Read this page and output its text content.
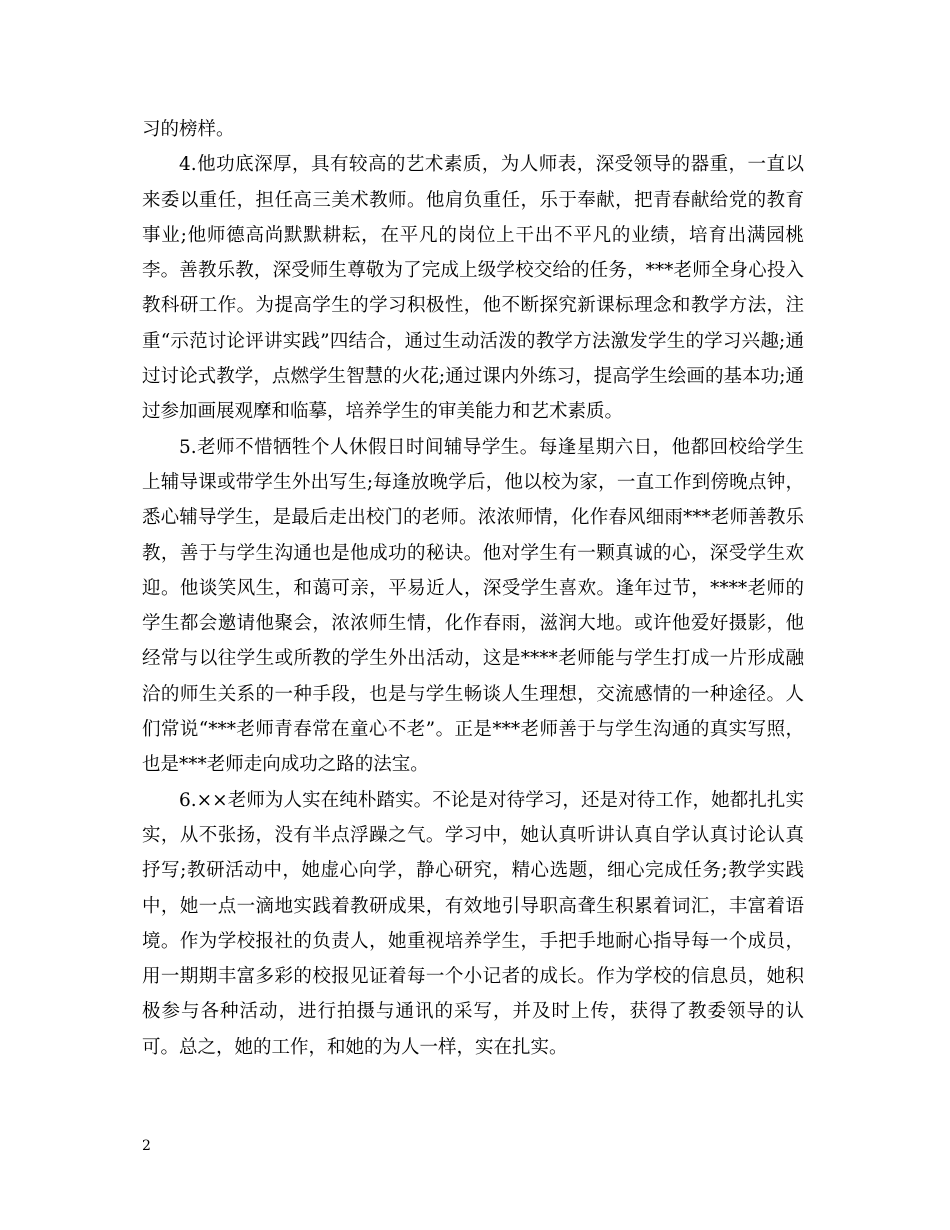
习的榜样。

4.他功底深厚，具有较高的艺术素质，为人师表，深受领导的器重，一直以来委以重任，担任高三美术教师。他肩负重任，乐于奉献，把青春献给党的教育事业;他师德高尚默默耕耘，在平凡的岗位上干出不平凡的业绩，培育出满园桃李。善教乐教，深受师生尊敬为了完成上级学校交给的任务，***老师全身心投入教科研工作。为提高学生的学习积极性，他不断探究新课标理念和教学方法，注重“示范讨论评讲实践”四结合，通过生动活泼的教学方法激发学生的学习兴趣;通过讨论式教学，点燃学生智慧的火花;通过课内外练习，提高学生绘画的基本功;通过参加画展观摩和临摹，培养学生的审美能力和艺术素质。

5.老师不惜牺牲个人休假日时间辅导学生。每逢星期六日，他都回校给学生上辅导课或带学生外出写生;每逢放晚学后，他以校为家，一直工作到傍晚点钟，悉心辅导学生，是最后走出校门的老师。浓浓师情，化作春风细雨***老师善教乐教，善于与学生沟通也是他成功的秘诀。他对学生有一颗真诚的心，深受学生欢迎。他谈笑风生，和蔼可亲，平易近人，深受学生喜欢。逢年过节，****老师的学生都会邀请他聚会，浓浓师生情，化作春雨，滋润大地。或许他爱好摄影，他经常与以往学生或所教的学生外出活动，这是****老师能与学生打成一片形成融洽的师生关系的一种手段，也是与学生畅谈人生理想，交流感情的一种途径。人们常说“***老师青春常在童心不老”。正是***老师善于与学生沟通的真实写照，也是***老师走向成功之路的法宝。

6.××老师为人实在纯朴踏实。不论是对待学习，还是对待工作，她都扎扎实实，从不张扬，没有半点浮躁之气。学习中，她认真听讲认真自学认真讨论认真抒写;教研活动中，她虚心向学，静心研究，精心选题，细心完成任务;教学实践中，她一点一滴地实践着教研成果，有效地引导职高聋生积累着词汇，丰富着语境。作为学校报社的负责人，她重视培养学生，手把手地耐心指导每一个成员，用一期期丰富多彩的校报见证着每一个小记者的成长。作为学校的信息员，她积极参与各种活动，进行拍摄与通讯的采写，并及时上传，获得了教委领导的认可。总之，她的工作，和她的为人一样，实在扎实。

2
